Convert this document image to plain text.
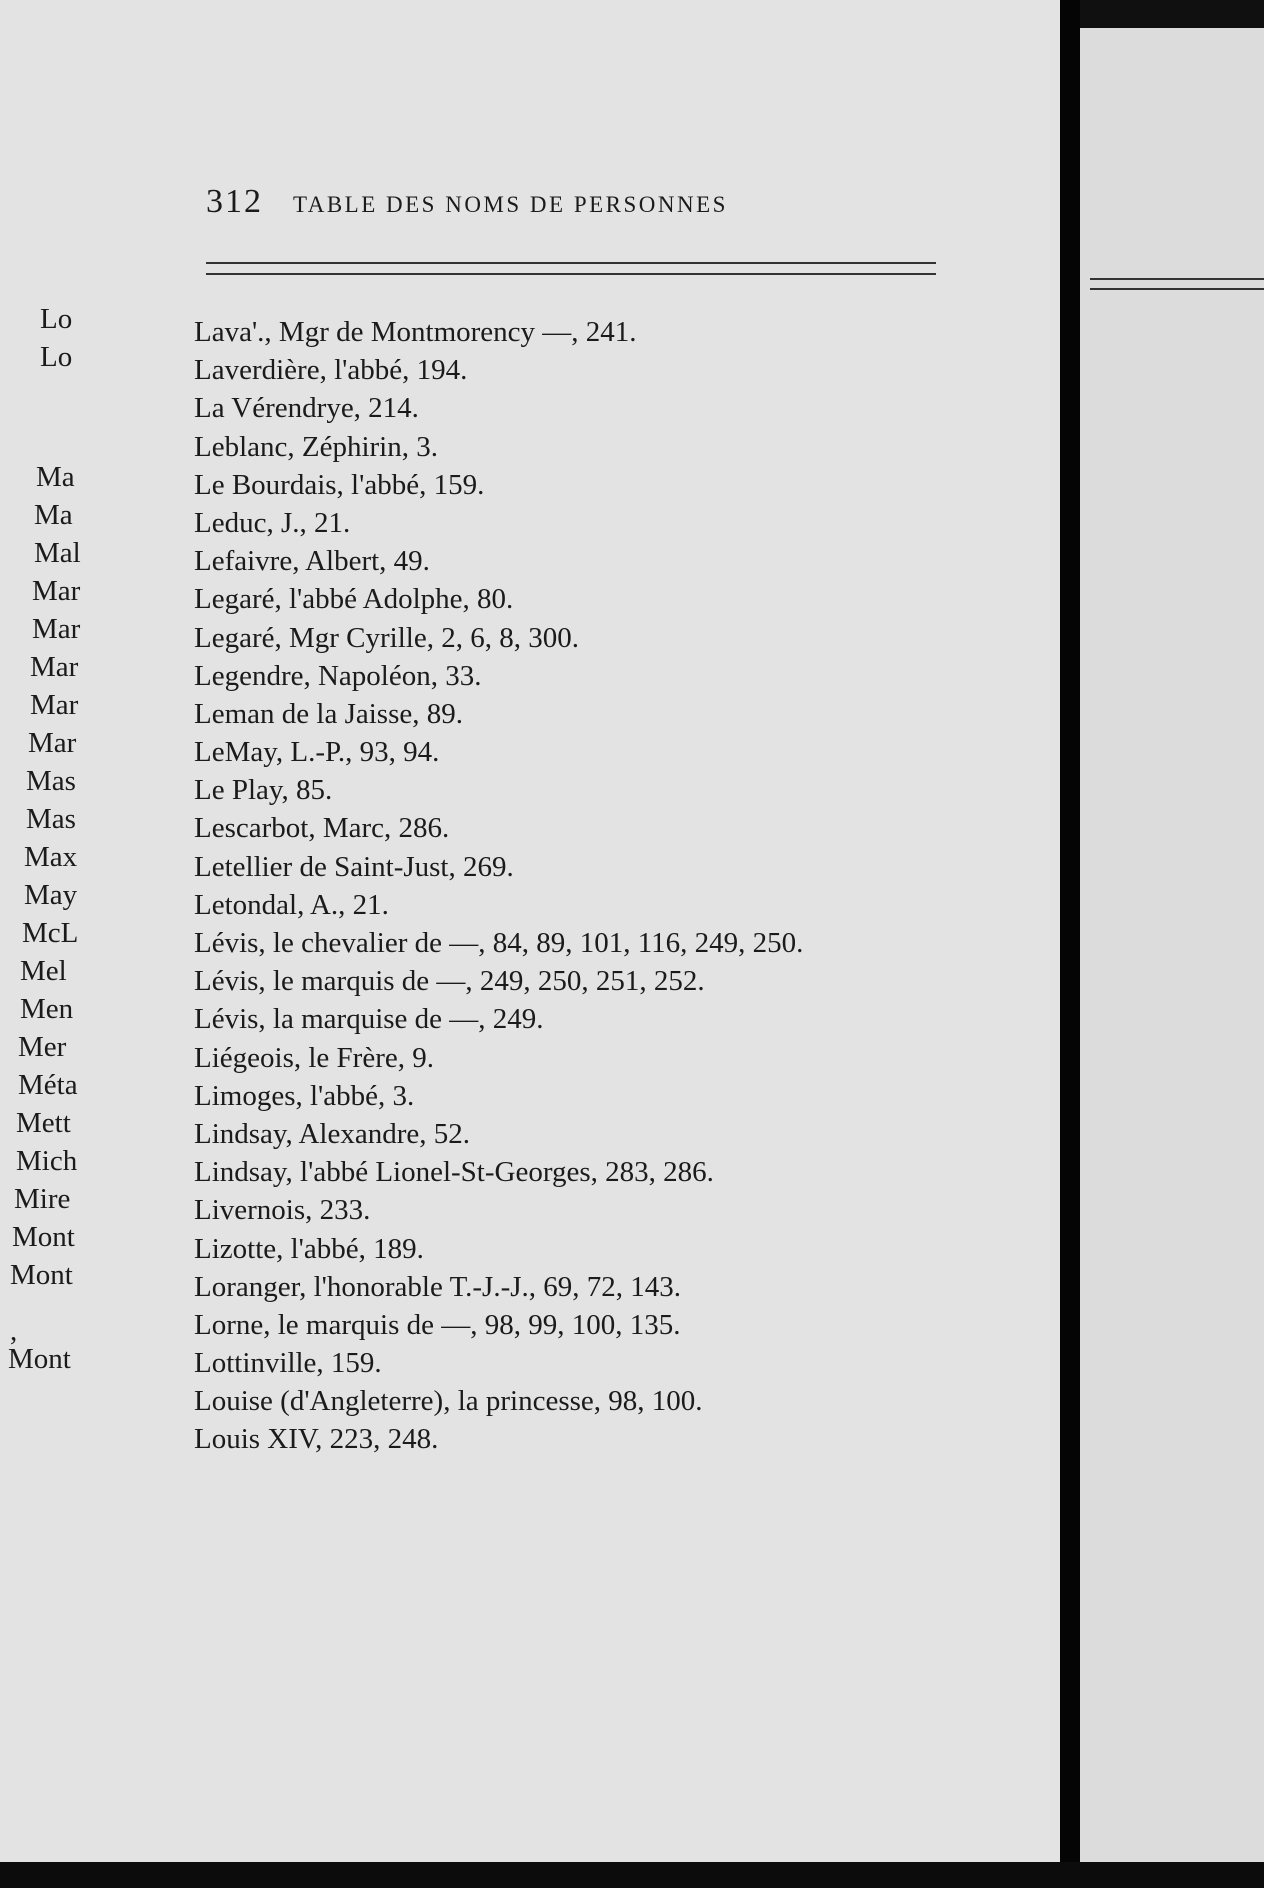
312 TABLE DES NOMS DE PERSONNES
Lava'., Mgr de Montmorency —, 241.
Laverdière, l'abbé, 194.
La Vérendrye, 214.
Leblanc, Zéphirin, 3.
Le Bourdais, l'abbé, 159.
Leduc, J., 21.
Lefaivre, Albert, 49.
Legaré, l'abbé Adolphe, 80.
Legaré, Mgr Cyrille, 2, 6, 8, 300.
Legendre, Napoléon, 33.
Leman de la Jaisse, 89.
LeMay, L.-P., 93, 94.
Le Play, 85.
Lescarbot, Marc, 286.
Letellier de Saint-Just, 269.
Letondal, A., 21.
Lévis, le chevalier de —, 84, 89, 101, 116, 249, 250.
Lévis, le marquis de —, 249, 250, 251, 252.
Lévis, la marquise de —, 249.
Liégeois, le Frère, 9.
Limoges, l'abbé, 3.
Lindsay, Alexandre, 52.
Lindsay, l'abbé Lionel-St-Georges, 283, 286.
Livernois, 233.
Lizotte, l'abbé, 189.
Loranger, l'honorable T.-J.-J., 69, 72, 143.
Lorne, le marquis de —, 98, 99, 100, 135.
Lottinville, 159.
Louise (d'Angleterre), la princesse, 98, 100.
Louis XIV, 223, 248.
Lo
Lo
Ma
Ma
Mal
Mar
Mar
Mar
Mar
Mar
Mas
Mas
Max
May
McL
Mel
Men
Mer
Méta
Mett
Mich
Mire
Mont
Mont
,
Mont
